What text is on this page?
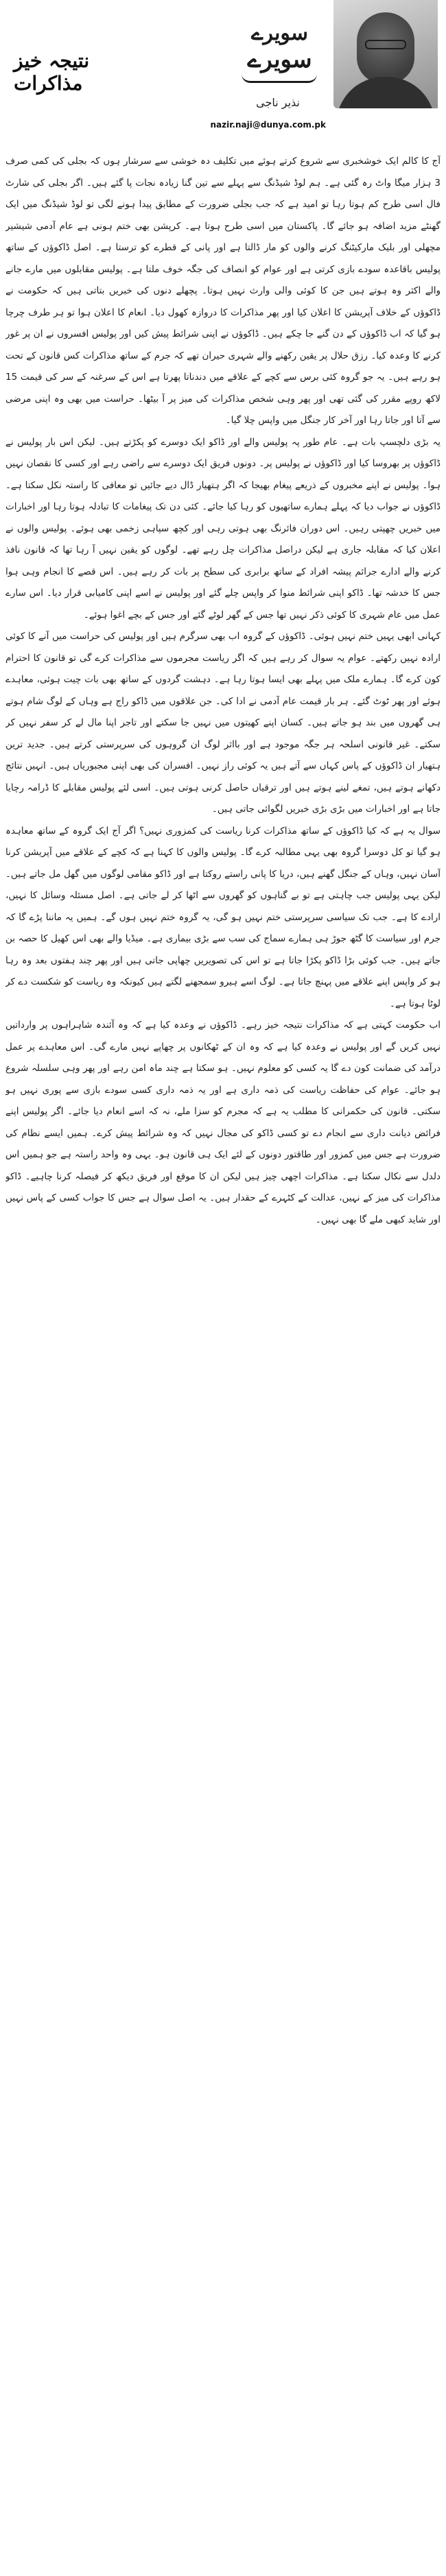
سویرے
سویرے
نتیجہ خیز مذاکرات
نذیر ناجی
nazir.naji@dunya.com.pk

آج کا کالم ایک خوشخبری سے شروع کرتے ہوئے میں تکلیف دہ خوشی سے سرشار ہوں کہ بجلی کی کمی صرف 3 ہزار میگا واٹ رہ گئی ہے۔ ہم لوڈ شیڈنگ سے پہلے سے تین گنا زیادہ نجات پا گئے ہیں۔ اگر بجلی کی شارٹ فال اسی طرح کم ہوتا رہا تو امید ہے کہ جب بجلی ضرورت کے مطابق پیدا ہونے لگی تو لوڈ شیڈنگ میں ایک گھنٹے مزید اضافہ ہو جائے گا۔ پاکستان میں اسی طرح ہوتا ہے۔ کرپشن بھی ختم ہونی ہے عام آدمی شیشیر مچھلی اور بلیک مارکیٹنگ کرنے والوں کو مار ڈالتا ہے اور پانی کے قطرے کو ترستا ہے۔ اصل ڈاکوؤں کے ساتھ پولیس باقاعدہ سودے بازی کرتی ہے اور عوام کو انصاف کی جگہ خوف ملتا ہے۔ پولیس مقابلوں میں مارے جانے والے اکثر وہ ہوتے ہیں جن کا کوئی والی وارث نہیں ہوتا۔ پچھلے دنوں کی خبریں بتاتی ہیں کہ حکومت نے ڈاکوؤں کے خلاف آپریشن کا اعلان کیا اور پھر مذاکرات کا دروازہ کھول دیا۔ انعام کا اعلان ہوا تو ہر طرف چرچا ہو گیا کہ اب ڈاکوؤں کے دن گنے جا چکے ہیں۔ ڈاکوؤں نے اپنی شرائط پیش کیں اور پولیس افسروں نے ان پر غور کرنے کا وعدہ کیا۔ رزق حلال پر یقین رکھنے والے شہری حیران تھے کہ جرم کے ساتھ مذاکرات کس قانون کے تحت ہو رہے ہیں۔ یہ جو گروہ کئی برس سے کچے کے علاقے میں دندناتا پھرتا ہے اس کے سرغنہ کے سر کی قیمت 15 لاکھ روپے مقرر کی گئی تھی اور پھر وہی شخص مذاکرات کی میز پر آ بیٹھا۔ حراست میں بھی وہ اپنی مرضی سے آتا اور جاتا رہا اور آخر کار جنگل میں واپس چلا گیا۔

یہ بڑی دلچسپ بات ہے۔ عام طور پہ پولیس والے اور ڈاکو ایک دوسرے کو پکڑتے ہیں۔ لیکن اس بار پولیس نے ڈاکوؤں پر بھروسا کیا اور ڈاکوؤں نے پولیس پر۔ دونوں فریق ایک دوسرے سے راضی رہے اور کسی کا نقصان نہیں ہوا۔ پولیس نے اپنے مخبروں کے ذریعے پیغام بھیجا کہ اگر ہتھیار ڈال دیے جائیں تو معافی کا راستہ نکل سکتا ہے۔ ڈاکوؤں نے جواب دیا کہ پہلے ہمارے ساتھیوں کو رہا کیا جائے۔ کئی دن تک پیغامات کا تبادلہ ہوتا رہا اور اخبارات میں خبریں چھپتی رہیں۔ اس دوران فائرنگ بھی ہوتی رہی اور کچھ سپاہی زخمی بھی ہوئے۔ پولیس والوں نے اعلان کیا کہ مقابلہ جاری ہے لیکن دراصل مذاکرات چل رہے تھے۔ لوگوں کو یقین نہیں آ رہا تھا کہ قانون نافذ کرنے والے ادارے جرائم پیشہ افراد کے ساتھ برابری کی سطح پر بات کر رہے ہیں۔ اس قصے کا انجام وہی ہوا جس کا خدشہ تھا۔ ڈاکو اپنی شرائط منوا کر واپس چلے گئے اور پولیس نے اسے اپنی کامیابی قرار دیا۔ اس سارے عمل میں عام شہری کا کوئی ذکر نہیں تھا جس کے گھر لوٹے گئے اور جس کے بچے اغوا ہوئے۔

کہانی ابھی یہیں ختم نہیں ہوئی۔ ڈاکوؤں کے گروہ اب بھی سرگرم ہیں اور پولیس کی حراست میں آنے کا کوئی ارادہ نہیں رکھتے۔ عوام یہ سوال کر رہے ہیں کہ اگر ریاست مجرموں سے مذاکرات کرے گی تو قانون کا احترام کون کرے گا۔ ہمارے ملک میں پہلے بھی ایسا ہوتا رہا ہے۔ دہشت گردوں کے ساتھ بھی بات چیت ہوئی، معاہدے ہوئے اور پھر ٹوٹ گئے۔ ہر بار قیمت عام آدمی نے ادا کی۔ جن علاقوں میں ڈاکو راج ہے وہاں کے لوگ شام ہوتے ہی گھروں میں بند ہو جاتے ہیں۔ کسان اپنے کھیتوں میں نہیں جا سکتے اور تاجر اپنا مال لے کر سفر نہیں کر سکتے۔ غیر قانونی اسلحہ ہر جگہ موجود ہے اور بااثر لوگ ان گروہوں کی سرپرستی کرتے ہیں۔ جدید ترین ہتھیار ان ڈاکوؤں کے پاس کہاں سے آتے ہیں یہ کوئی راز نہیں۔ افسران کی بھی اپنی مجبوریاں ہیں۔ انہیں نتائج دکھانے ہوتے ہیں، تمغے لینے ہوتے ہیں اور ترقیاں حاصل کرنی ہوتی ہیں۔ اسی لئے پولیس مقابلے کا ڈرامہ رچایا جاتا ہے اور اخبارات میں بڑی بڑی خبریں لگوائی جاتی ہیں۔

سوال یہ ہے کہ کیا ڈاکوؤں کے ساتھ مذاکرات کرنا ریاست کی کمزوری نہیں؟ اگر آج ایک گروہ کے ساتھ معاہدہ ہو گیا تو کل دوسرا گروہ بھی یہی مطالبہ کرے گا۔ پولیس والوں کا کہنا ہے کہ کچے کے علاقے میں آپریشن کرنا آسان نہیں، وہاں کے جنگل گھنے ہیں، دریا کا پانی راستے روکتا ہے اور ڈاکو مقامی لوگوں میں گھل مل جاتے ہیں۔ لیکن یہی پولیس جب چاہتی ہے تو بے گناہوں کو گھروں سے اٹھا کر لے جاتی ہے۔ اصل مسئلہ وسائل کا نہیں، ارادے کا ہے۔ جب تک سیاسی سرپرستی ختم نہیں ہو گی، یہ گروہ ختم نہیں ہوں گے۔ ہمیں یہ ماننا پڑے گا کہ جرم اور سیاست کا گٹھ جوڑ ہی ہمارے سماج کی سب سے بڑی بیماری ہے۔ میڈیا والے بھی اس کھیل کا حصہ بن جاتے ہیں۔ جب کوئی بڑا ڈاکو پکڑا جاتا ہے تو اس کی تصویریں چھاپی جاتی ہیں اور پھر چند ہفتوں بعد وہ رہا ہو کر واپس اپنے علاقے میں پہنچ جاتا ہے۔ لوگ اسے ہیرو سمجھنے لگتے ہیں کیونکہ وہ ریاست کو شکست دے کر لوٹا ہوتا ہے۔

اب حکومت کہتی ہے کہ مذاکرات نتیجہ خیز رہے۔ ڈاکوؤں نے وعدہ کیا ہے کہ وہ آئندہ شاہراہوں پر وارداتیں نہیں کریں گے اور پولیس نے وعدہ کیا ہے کہ وہ ان کے ٹھکانوں پر چھاپے نہیں مارے گی۔ اس معاہدے پر عمل درآمد کی ضمانت کون دے گا یہ کسی کو معلوم نہیں۔ ہو سکتا ہے چند ماہ امن رہے اور پھر وہی سلسلہ شروع ہو جائے۔ عوام کی حفاظت ریاست کی ذمہ داری ہے اور یہ ذمہ داری کسی سودے بازی سے پوری نہیں ہو سکتی۔ قانون کی حکمرانی کا مطلب یہ ہے کہ مجرم کو سزا ملے، نہ کہ اسے انعام دیا جائے۔ اگر پولیس اپنے فرائض دیانت داری سے انجام دے تو کسی ڈاکو کی مجال نہیں کہ وہ شرائط پیش کرے۔ ہمیں ایسے نظام کی ضرورت ہے جس میں کمزور اور طاقتور دونوں کے لئے ایک ہی قانون ہو۔ یہی وہ واحد راستہ ہے جو ہمیں اس دلدل سے نکال سکتا ہے۔ مذاکرات اچھی چیز ہیں لیکن ان کا موقع اور فریق دیکھ کر فیصلہ کرنا چاہیے۔ ڈاکو مذاکرات کی میز کے نہیں، عدالت کے کٹہرے کے حقدار ہیں۔ یہ اصل سوال ہے جس کا جواب کسی کے پاس نہیں اور شاید کبھی ملے گا بھی نہیں۔
